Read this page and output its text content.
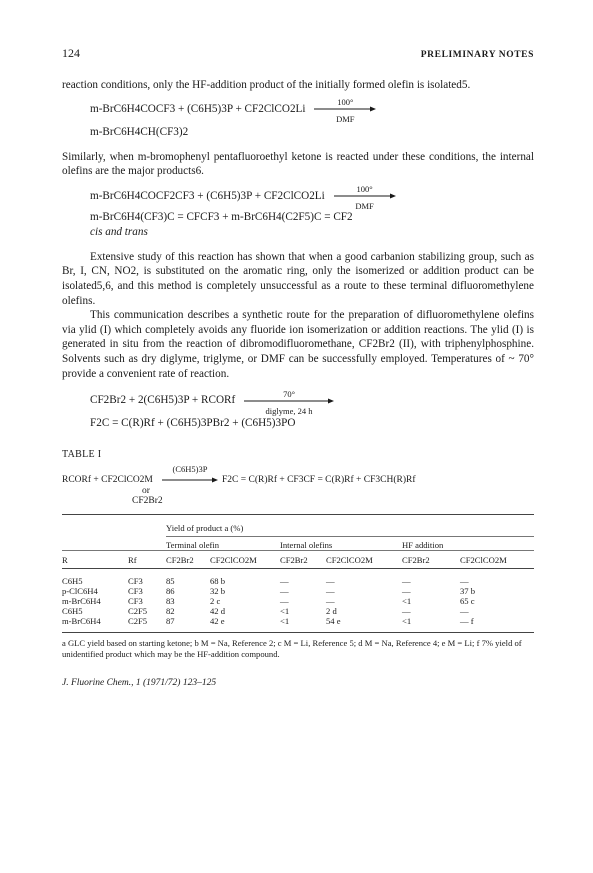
124	PRELIMINARY NOTES

reaction conditions, only the HF-addition product of the initially formed olefin is isolated5.

m-BrC6H4COCF3 + (C6H5)3P + CF2ClCO2Li
100°
DMF
m-BrC6H4CH(CF3)2

Similarly, when m-bromophenyl pentafluoroethyl ketone is reacted under these conditions, the internal olefins are the major products6.

m-BrC6H4COCF2CF3 + (C6H5)3P + CF2ClCO2Li
100°
DMF
m-BrC6H4(CF3)C = CFCF3 + m-BrC6H4(C2F5)C = CF2
cis and trans

Extensive study of this reaction has shown that when a good carbanion stabilizing group, such as Br, I, CN, NO2, is substituted on the aromatic ring, only the isomerized or addition product can be isolated5,6, and this method is completely unsuccessful as a route to these terminal difluoromethylene olefins.

This communication describes a synthetic route for the preparation of difluoromethylene olefins via ylid (I) which completely avoids any fluoride ion isomerization or addition reactions. The ylid (I) is generated in situ from the reaction of dibromodifluoromethane, CF2Br2 (II), with triphenylphosphine. Solvents such as dry diglyme, triglyme, or DMF can be successfully employed. Temperatures of ~ 70° provide a convenient rate of reaction.

CF2Br2 + 2(C6H5)3P + RCORf
70°
diglyme, 24 h
F2C = C(R)Rf + (C6H5)3PBr2 + (C6H5)3PO
TABLE I
RCORf + CF2ClCO2M
(C6H5)3P
F2C = C(R)Rf + CF3CF = C(R)Rf + CF3CH(R)Rf
or
CF2Br2

		Yield of product a (%)					
		Terminal olefin		Internal olefins		HF addition	
R	Rf	CF2Br2	CF2ClCO2M	CF2Br2	CF2ClCO2M	CF2Br2	CF2ClCO2M

C6H5	CF3	85	68 b	—	—	—	—
p-ClC6H4	CF3	86	32 b	—	—	—	37 b
m-BrC6H4	CF3	83	2 c	—	—	<1	65 c
C6H5	C2F5	82	42 d	<1	2 d	—	—
m-BrC6H4	C2F5	87	42 e	<1	54 e	<1	— f

a GLC yield based on starting ketone; b M = Na, Reference 2; c M = Li, Reference 5; d M = Na, Reference 4; e M = Li; f 7% yield of unidentified product which may be the HF-addition compound.

J. Fluorine Chem., 1 (1971/72) 123–125
